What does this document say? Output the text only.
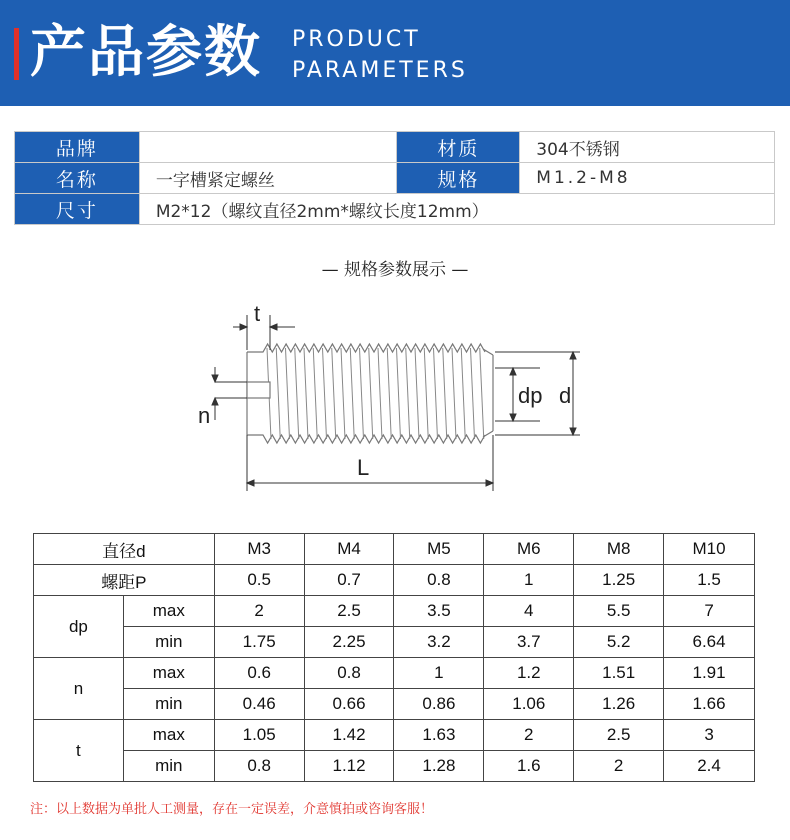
产品参数 PRODUCT
PARAMETERS
品牌		材质	304不锈钢
名称	一字槽紧定螺丝	规格	M1.2-M8
尺寸	M2*12（螺纹直径2mm*螺纹长度12mm）		
— 规格参数展示 —
t
n
dp d
L
直径d		M3	M4	M5	M6	M8	M10
螺距P		0.5	0.7	0.8	1	1.25	1.5
dp	max	2	2.5	3.5	4	5.5	7
	min	1.75	2.25	3.2	3.7	5.2	6.64
n	max	0.6	0.8	1	1.2	1.51	1.91
	min	0.46	0.66	0.86	1.06	1.26	1.66
t	max	1.05	1.42	1.63	2	2.5	3
	min	0.8	1.12	1.28	1.6	2	2.4
注：以上数据为单批人工测量，存在一定误差，介意慎拍或咨询客服！
